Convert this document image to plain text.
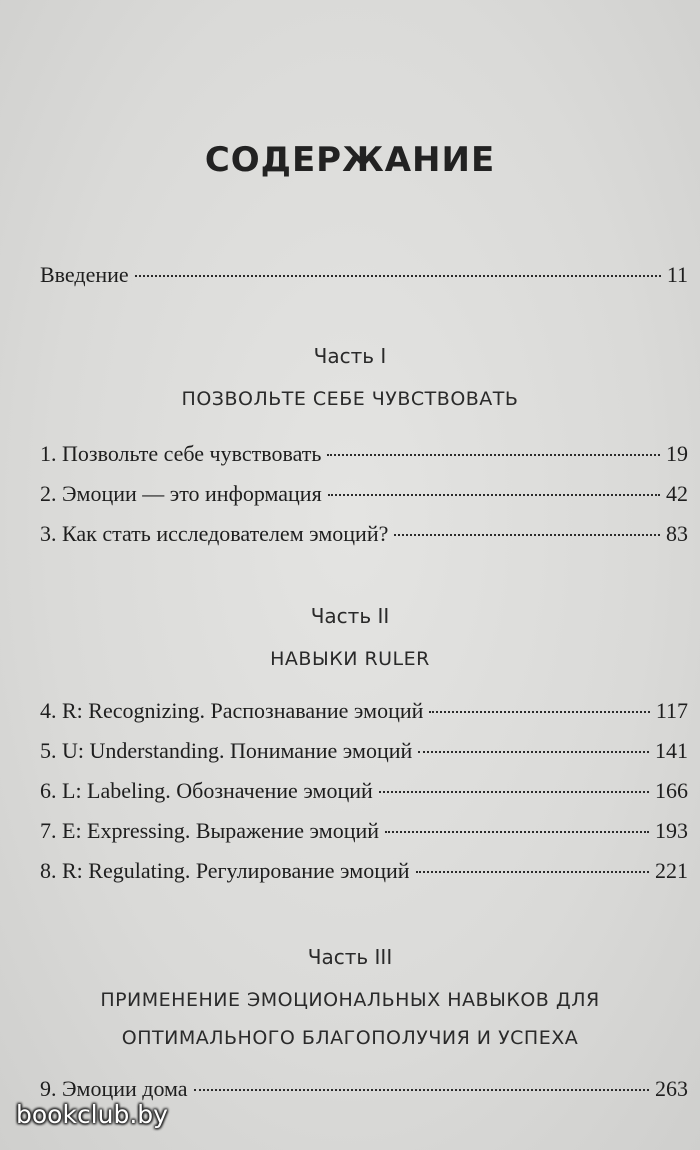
СОДЕРЖАНИЕ
Введение	11
Часть I
ПОЗВОЛЬТЕ СЕБЕ ЧУВСТВОВАТЬ
1. Позвольте себе чувствовать	19
2. Эмоции — это информация	42
3. Как стать исследователем эмоций?	83
Часть II
НАВЫКИ RULER
4. R: Recognizing. Распознавание эмоций	117
5. U: Understanding. Понимание эмоций	141
6. L: Labeling. Обозначение эмоций	166
7. E: Expressing. Выражение эмоций	193
8. R: Regulating. Регулирование эмоций	221
Часть III
ПРИМЕНЕНИЕ ЭМОЦИОНАЛЬНЫХ НАВЫКОВ ДЛЯ
ОПТИМАЛЬНОГО БЛАГОПОЛУЧИЯ И УСПЕХА
9. Эмоции дома	263
bookclub.by
